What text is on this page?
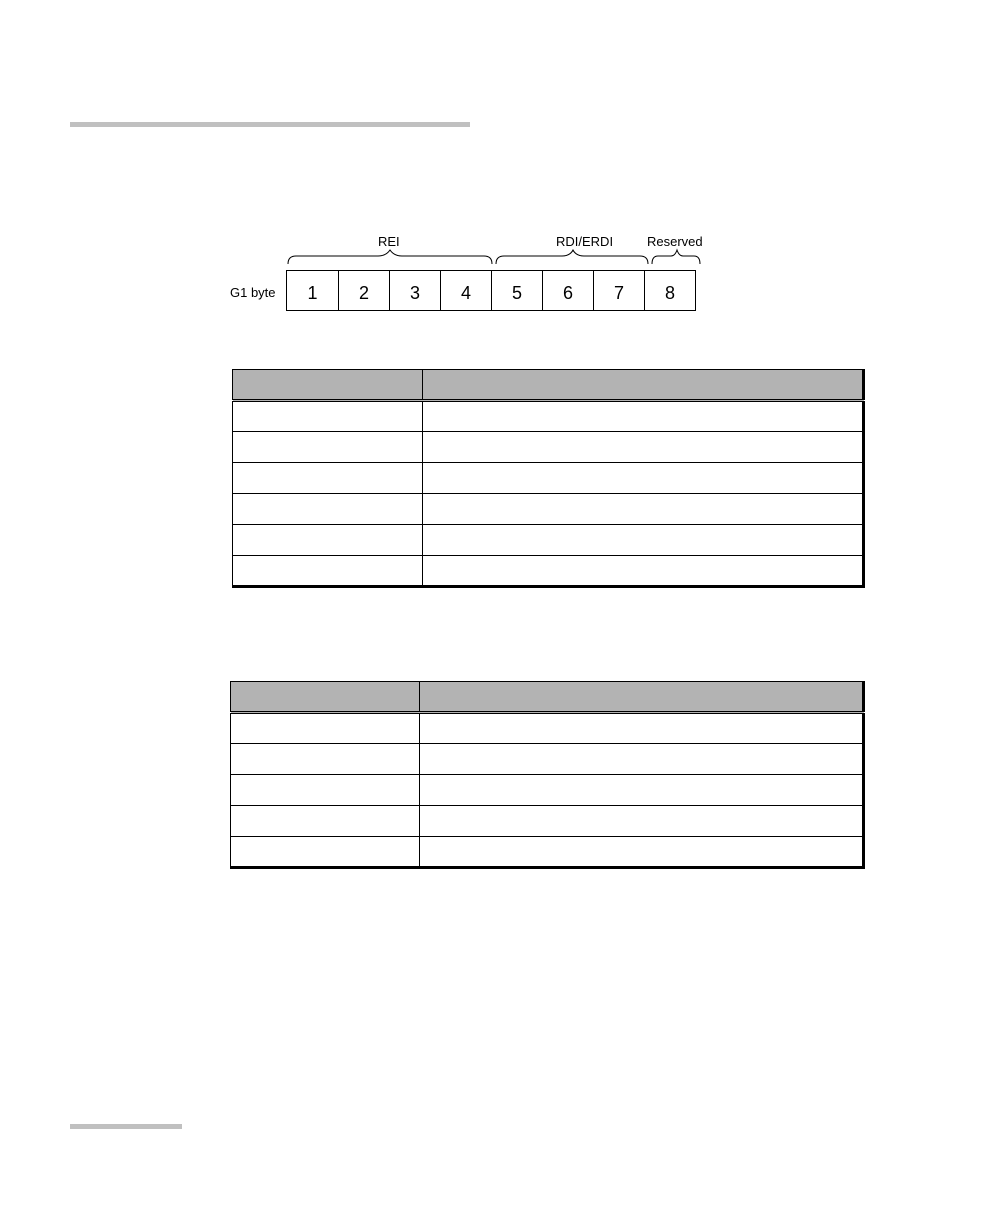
REI	RDI/ERDI	Reserved
G1 byte	1	2	3	4	5	6	7	8
